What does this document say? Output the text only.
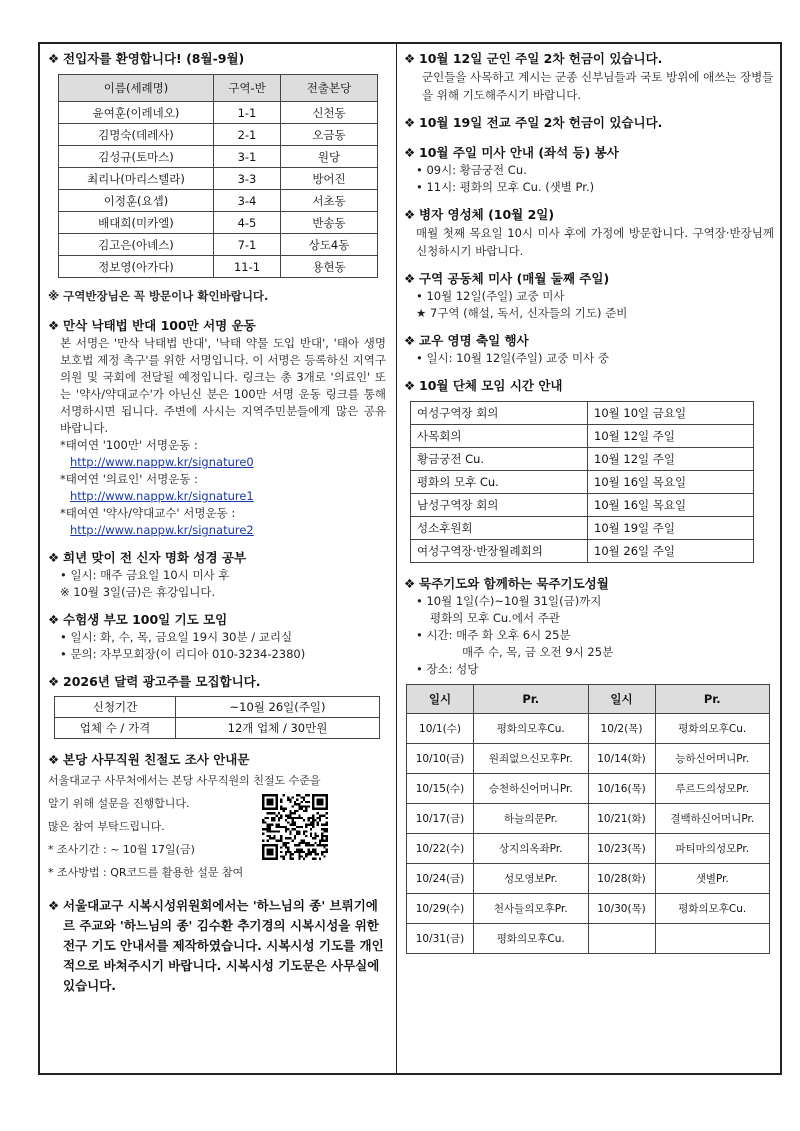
❖ 전입자를 환영합니다! (8월-9월)

이름(세례명)	구역-반	전출본당
윤여훈(이레네오)	1-1	신천동
김명숙(데레사)	2-1	오금동
김성규(토마스)	3-1	원당
최리나(마리스텔라)	3-3	방어진
이정훈(요셉)	3-4	서초동
배대희(미카엘)	4-5	반송동
김고은(아녜스)	7-1	상도4동
정보영(아가다)	11-1	용현동

※ 구역반장님은 꼭 방문이나 확인바랍니다.

❖ 만삭 낙태법 반대 100만 서명 운동

본 서명은 '만삭 낙태법 반대', '낙태 약물 도입 반대', '태아 생명 보호법 제정 촉구'를 위한 서명입니다. 이 서명은 등록하신 지역구 의원 및 국회에 전달될 예정입니다. 링크는 총 3개로 '의료인' 또는 '약사/약대교수'가 아닌신 분은 100만 서명 운동 링크를 통해 서명하시면 됩니다. 주변에 사시는 지역주민분들에게 많은 공유 바랍니다.

*태여연 '100만' 서명운동 :
http://www.nappw.kr/signature0
*태여연 '의료인' 서명운동 :
http://www.nappw.kr/signature1
*태여연 '약사/약대교수' 서명운동 :
http://www.nappw.kr/signature2

❖ 희년 맞이 전 신자 명화 성경 공부

• 일시: 매주 금요일 10시 미사 후

※ 10월 3일(금)은 휴강입니다.

❖ 수험생 부모 100일 기도 모임

• 일시: 화, 수, 목, 금요일 19시 30분 / 교리실

• 문의: 자부모회장(이 리디아 010-3234-2380)

❖ 2026년 달력 광고주를 모집합니다.

신청기간	~10월 26일(주일)
업체 수 / 가격	12개 업체 / 30만원

❖ 본당 사무직원 친절도 조사 안내문

서울대교구 사무처에서는 본당 사무직원의 친절도 수준을
알기 위해 설문을 진행합니다.
많은 참여 부탁드립니다.
* 조사기간 : ~ 10월 17일(금)
* 조사방법 : QR코드를 활용한 설문 참여
❖ 서울대교구 시복시성위원회에서는 '하느님의 종' 브뤼기에르 주교와 '하느님의 종' 김수환 추기경의 시복시성을 위한 전구 기도 안내서를 제작하였습니다. 시복시성 기도를 개인적으로 바쳐주시기 바랍니다. 시복시성 기도문은 사무실에 있습니다.

❖ 10월 12일 군인 주일 2차 헌금이 있습니다.

군인들을 사목하고 계시는 군종 신부님들과 국토 방위에 애쓰는 장병들을 위해 기도해주시기 바랍니다.

❖ 10월 19일 전교 주일 2차 헌금이 있습니다.

❖ 10월 주일 미사 안내 (좌석 등) 봉사

• 09시: 황금궁전 Cu.

• 11시: 평화의 모후 Cu. (샛별 Pr.)

❖ 병자 영성체 (10월 2일)

매월 첫째 목요일 10시 미사 후에 가정에 방문합니다. 구역장·반장님께 신청하시기 바랍니다.

❖ 구역 공동체 미사 (매월 둘째 주일)

• 10월 12일(주일) 교중 미사

★ 7구역 (해설, 독서, 신자들의 기도) 준비

❖ 교우 영명 축일 행사

• 일시: 10월 12일(주일) 교중 미사 중

❖ 10월 단체 모임 시간 안내

여성구역장 회의	10월 10일 금요일
사목회의	10월 12일 주일
황금궁전 Cu.	10월 12일 주일
평화의 모후 Cu.	10월 16일 목요일
남성구역장 회의	10월 16일 목요일
성소후원회	10월 19일 주일
여성구역장·반장월례회의	10월 26일 주일

❖ 묵주기도와 함께하는 묵주기도성월

• 10월 1일(수)~10월 31일(금)까지

평화의 모후 Cu.에서 주관

• 시간: 매주 화 오후 6시 25분

매주 수, 목, 금 오전 9시 25분

• 장소: 성당

일시	Pr.	일시	Pr.
10/1(수)	평화의모후Cu.	10/2(목)	평화의모후Cu.
10/10(금)	원죄없으신모후Pr.	10/14(화)	능하신어머니Pr.
10/15(수)	승천하신어머니Pr.	10/16(목)	루르드의성모Pr.
10/17(금)	하늘의문Pr.	10/21(화)	결백하신어머니Pr.
10/22(수)	상지의옥좌Pr.	10/23(목)	파티마의성모Pr.
10/24(금)	성모영보Pr.	10/28(화)	샛별Pr.
10/29(수)	천사들의모후Pr.	10/30(목)	평화의모후Cu.
10/31(금)	평화의모후Cu.		
